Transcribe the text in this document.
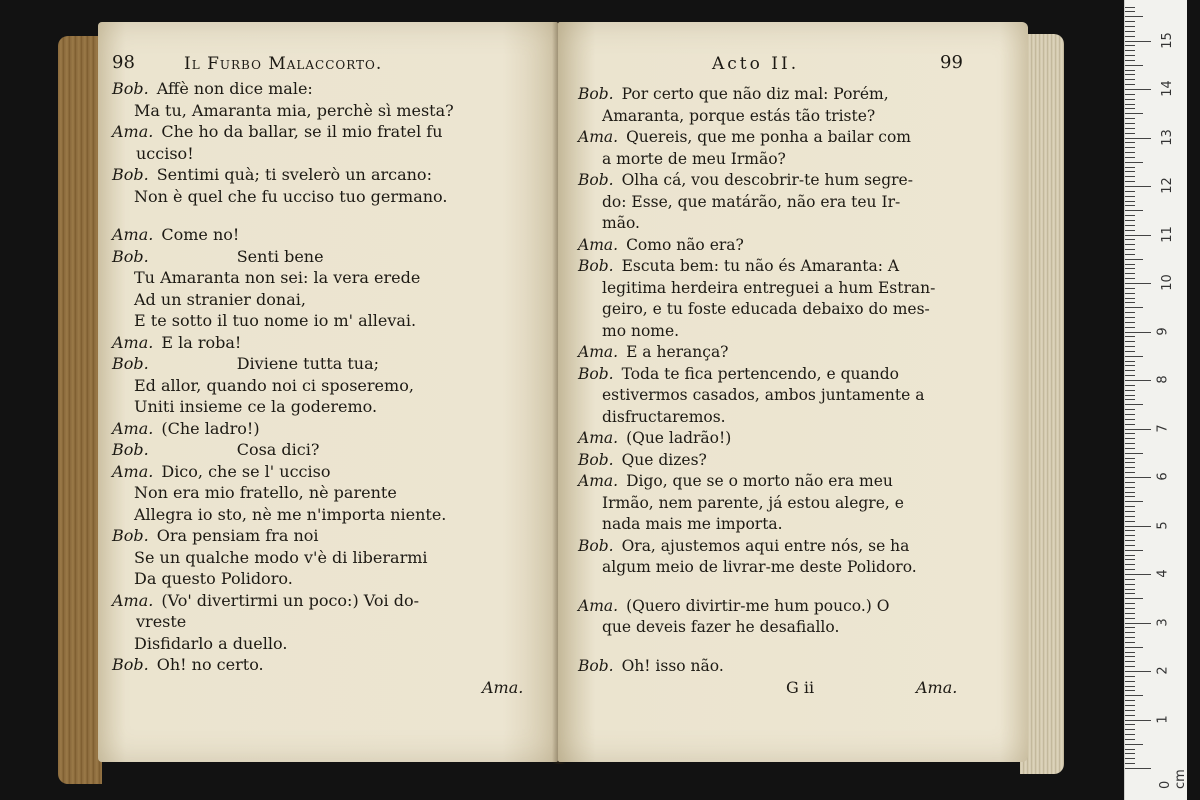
98	Il Furbo Malaccorto.
Bob. Affè non dice male:
Ma tu, Amaranta mia, perchè sì mesta?
Ama. Che ho da ballar, se il mio fratel fu
ucciso!
Bob. Sentimi quà; ti svelerò un arcano:
Non è quel che fu ucciso tuo germano.
Ama. Come no!
Bob.	Senti bene
Tu Amaranta non sei: la vera erede
Ad un stranier donai,
E te sotto il tuo nome io m' allevai.
Ama. E la roba!
Bob.	Diviene tutta tua;
Ed allor, quando noi ci sposeremo,
Uniti insieme ce la goderemo.
Ama. (Che ladro!)
Bob.	Cosa dici?
Ama. Dico, che se l' ucciso
Non era mio fratello, nè parente
Allegra io sto, nè me n'importa niente.
Bob. Ora pensiam fra noi
Se un qualche modo v'è di liberarmi
Da questo Polidoro.
Ama. (Vo' divertirmi un poco:) Voi do-
vreste
Disfidarlo a duello.
Bob. Oh! no certo.
Ama.
Acto II.	99
Bob. Por certo que não diz mal: Porém,
Amaranta, porque estás tão triste?
Ama. Quereis, que me ponha a bailar com
a morte de meu Irmão?
Bob. Olha cá, vou descobrir-te hum segre-
do: Esse, que matárão, não era teu Ir-
mão.
Ama. Como não era?
Bob. Escuta bem: tu não és Amaranta: A
legitima herdeira entreguei a hum Estran-
geiro, e tu foste educada debaixo do mes-
mo nome.
Ama. E a herança?
Bob. Toda te fica pertencendo, e quando
estivermos casados, ambos juntamente a
disfructaremos.
Ama. (Que ladrão!)
Bob. Que dizes?
Ama. Digo, que se o morto não era meu
Irmão, nem parente, já estou alegre, e
nada mais me importa.
Bob. Ora, ajustemos aqui entre nós, se ha
algum meio de livrar-me deste Polidoro.
Ama. (Quero divirtir-me hum pouco.) O
que deveis fazer he desafiallo.
Bob. Oh! isso não.
G ii	Ama.
0 cm
1
2
3
4
5
6
7
8
9
10
11
12
13
14
15
